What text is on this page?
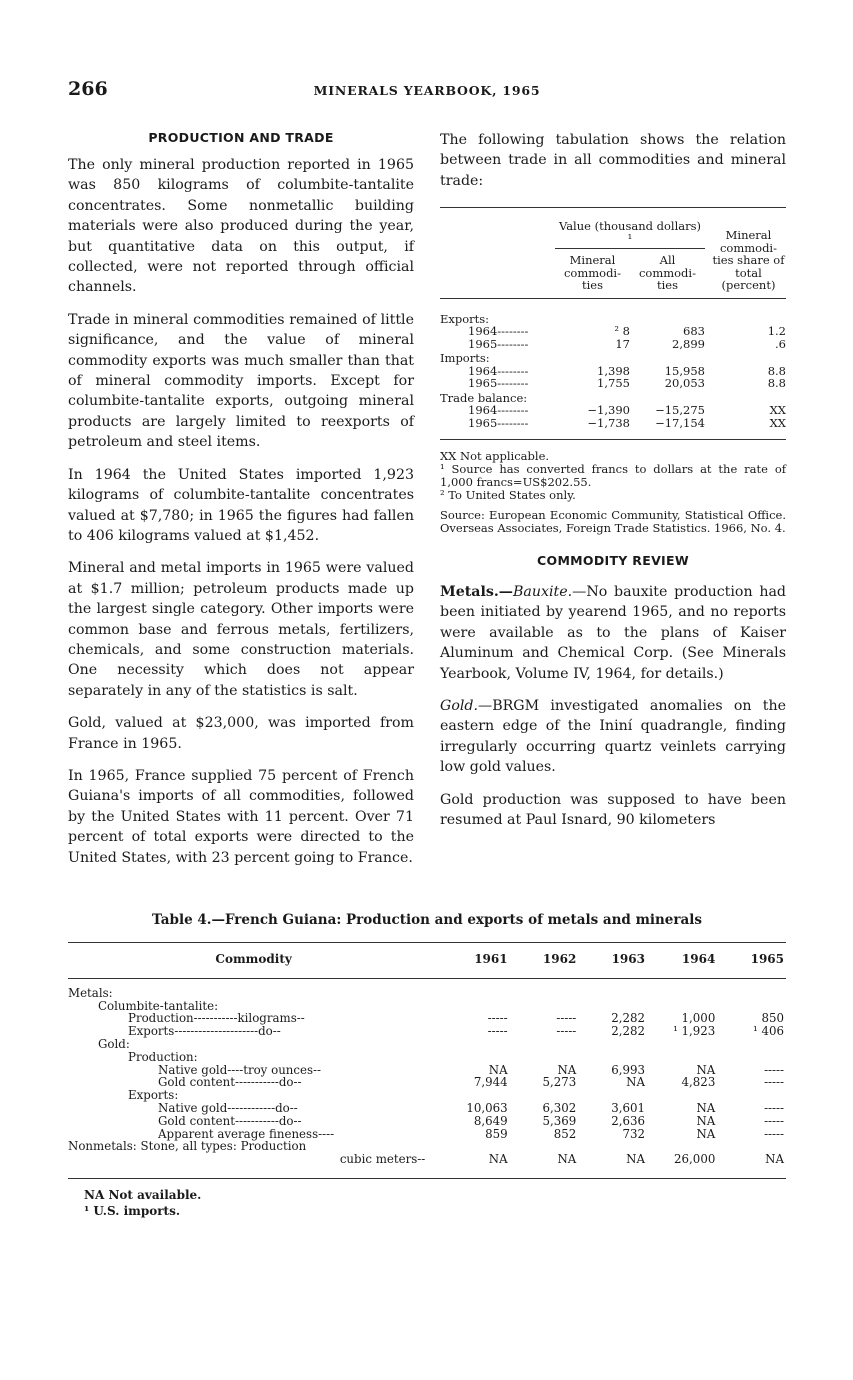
266	MINERALS YEARBOOK, 1965
PRODUCTION AND TRADE

The only mineral production reported in 1965 was 850 kilograms of columbite-tantalite concentrates. Some nonmetallic building materials were also produced during the year, but quantitative data on this output, if collected, were not reported through official channels.

Trade in mineral commodities remained of little significance, and the value of mineral commodity exports was much smaller than that of mineral commodity imports. Except for columbite-tantalite exports, outgoing mineral products are largely limited to reexports of petroleum and steel items.

In 1964 the United States imported 1,923 kilograms of columbite-tantalite concentrates valued at $7,780; in 1965 the figures had fallen to 406 kilograms valued at $1,452.

Mineral and metal imports in 1965 were valued at $1.7 million; petroleum products made up the largest single category. Other imports were common base and ferrous metals, fertilizers, chemicals, and some construction materials. One necessity which does not appear separately in any of the statistics is salt.

Gold, valued at $23,000, was imported from France in 1965.

In 1965, France supplied 75 percent of French Guiana's imports of all commodities, followed by the United States with 11 percent. Over 71 percent of total exports were directed to the United States, with 23 percent going to France.

The following tabulation shows the relation between trade in all commodities and mineral trade:

	Value (thousand dollars) ¹		Mineral commodi-ties share of total (percent)
	Mineral commodi-ties	All commodi-ties	

Exports:			
1964--------	² 8	683	1.2
1965--------	17	2,899	.6
Imports:			
1964--------	1,398	15,958	8.8
1965--------	1,755	20,053	8.8
Trade balance:			
1964--------	−1,390	−15,275	XX
1965--------	−1,738	−17,154	XX

XX Not applicable.
¹ Source has converted francs to dollars at the rate of 1,000 francs=US$202.55.
² To United States only.
Source: European Economic Community, Statistical Office. Overseas Associates, Foreign Trade Statistics. 1966, No. 4.
COMMODITY REVIEW

Metals.—Bauxite.—No bauxite production had been initiated by yearend 1965, and no reports were available as to the plans of Kaiser Aluminum and Chemical Corp. (See Minerals Yearbook, Volume IV, 1964, for details.)

Gold.—BRGM investigated anomalies on the eastern edge of the Ininí quadrangle, finding irregularly occurring quartz veinlets carrying low gold values.

Gold production was supposed to have been resumed at Paul Isnard, 90 kilometers

Table 4.—French Guiana: Production and exports of metals and minerals
Commodity	1961	1962	1963	1964	1965

Metals:					
Columbite-tantalite:					
Production-----------kilograms--	-----	-----	2,282	1,000	850
Exports---------------------do--	-----	-----	2,282	¹ 1,923	¹ 406
Gold:					
Production:					
Native gold----troy ounces--	NA	NA	6,993	NA	-----
Gold content-----------do--	7,944	5,273	NA	4,823	-----
Exports:					
Native gold------------do--	10,063	6,302	3,601	NA	-----
Gold content-----------do--	8,649	5,369	2,636	NA	-----
Apparent average fineness----	859	852	732	NA	-----
Nonmetals: Stone, all types: Production					
cubic meters--	NA	NA	NA	26,000	NA

NA Not available.
¹ U.S. imports.
